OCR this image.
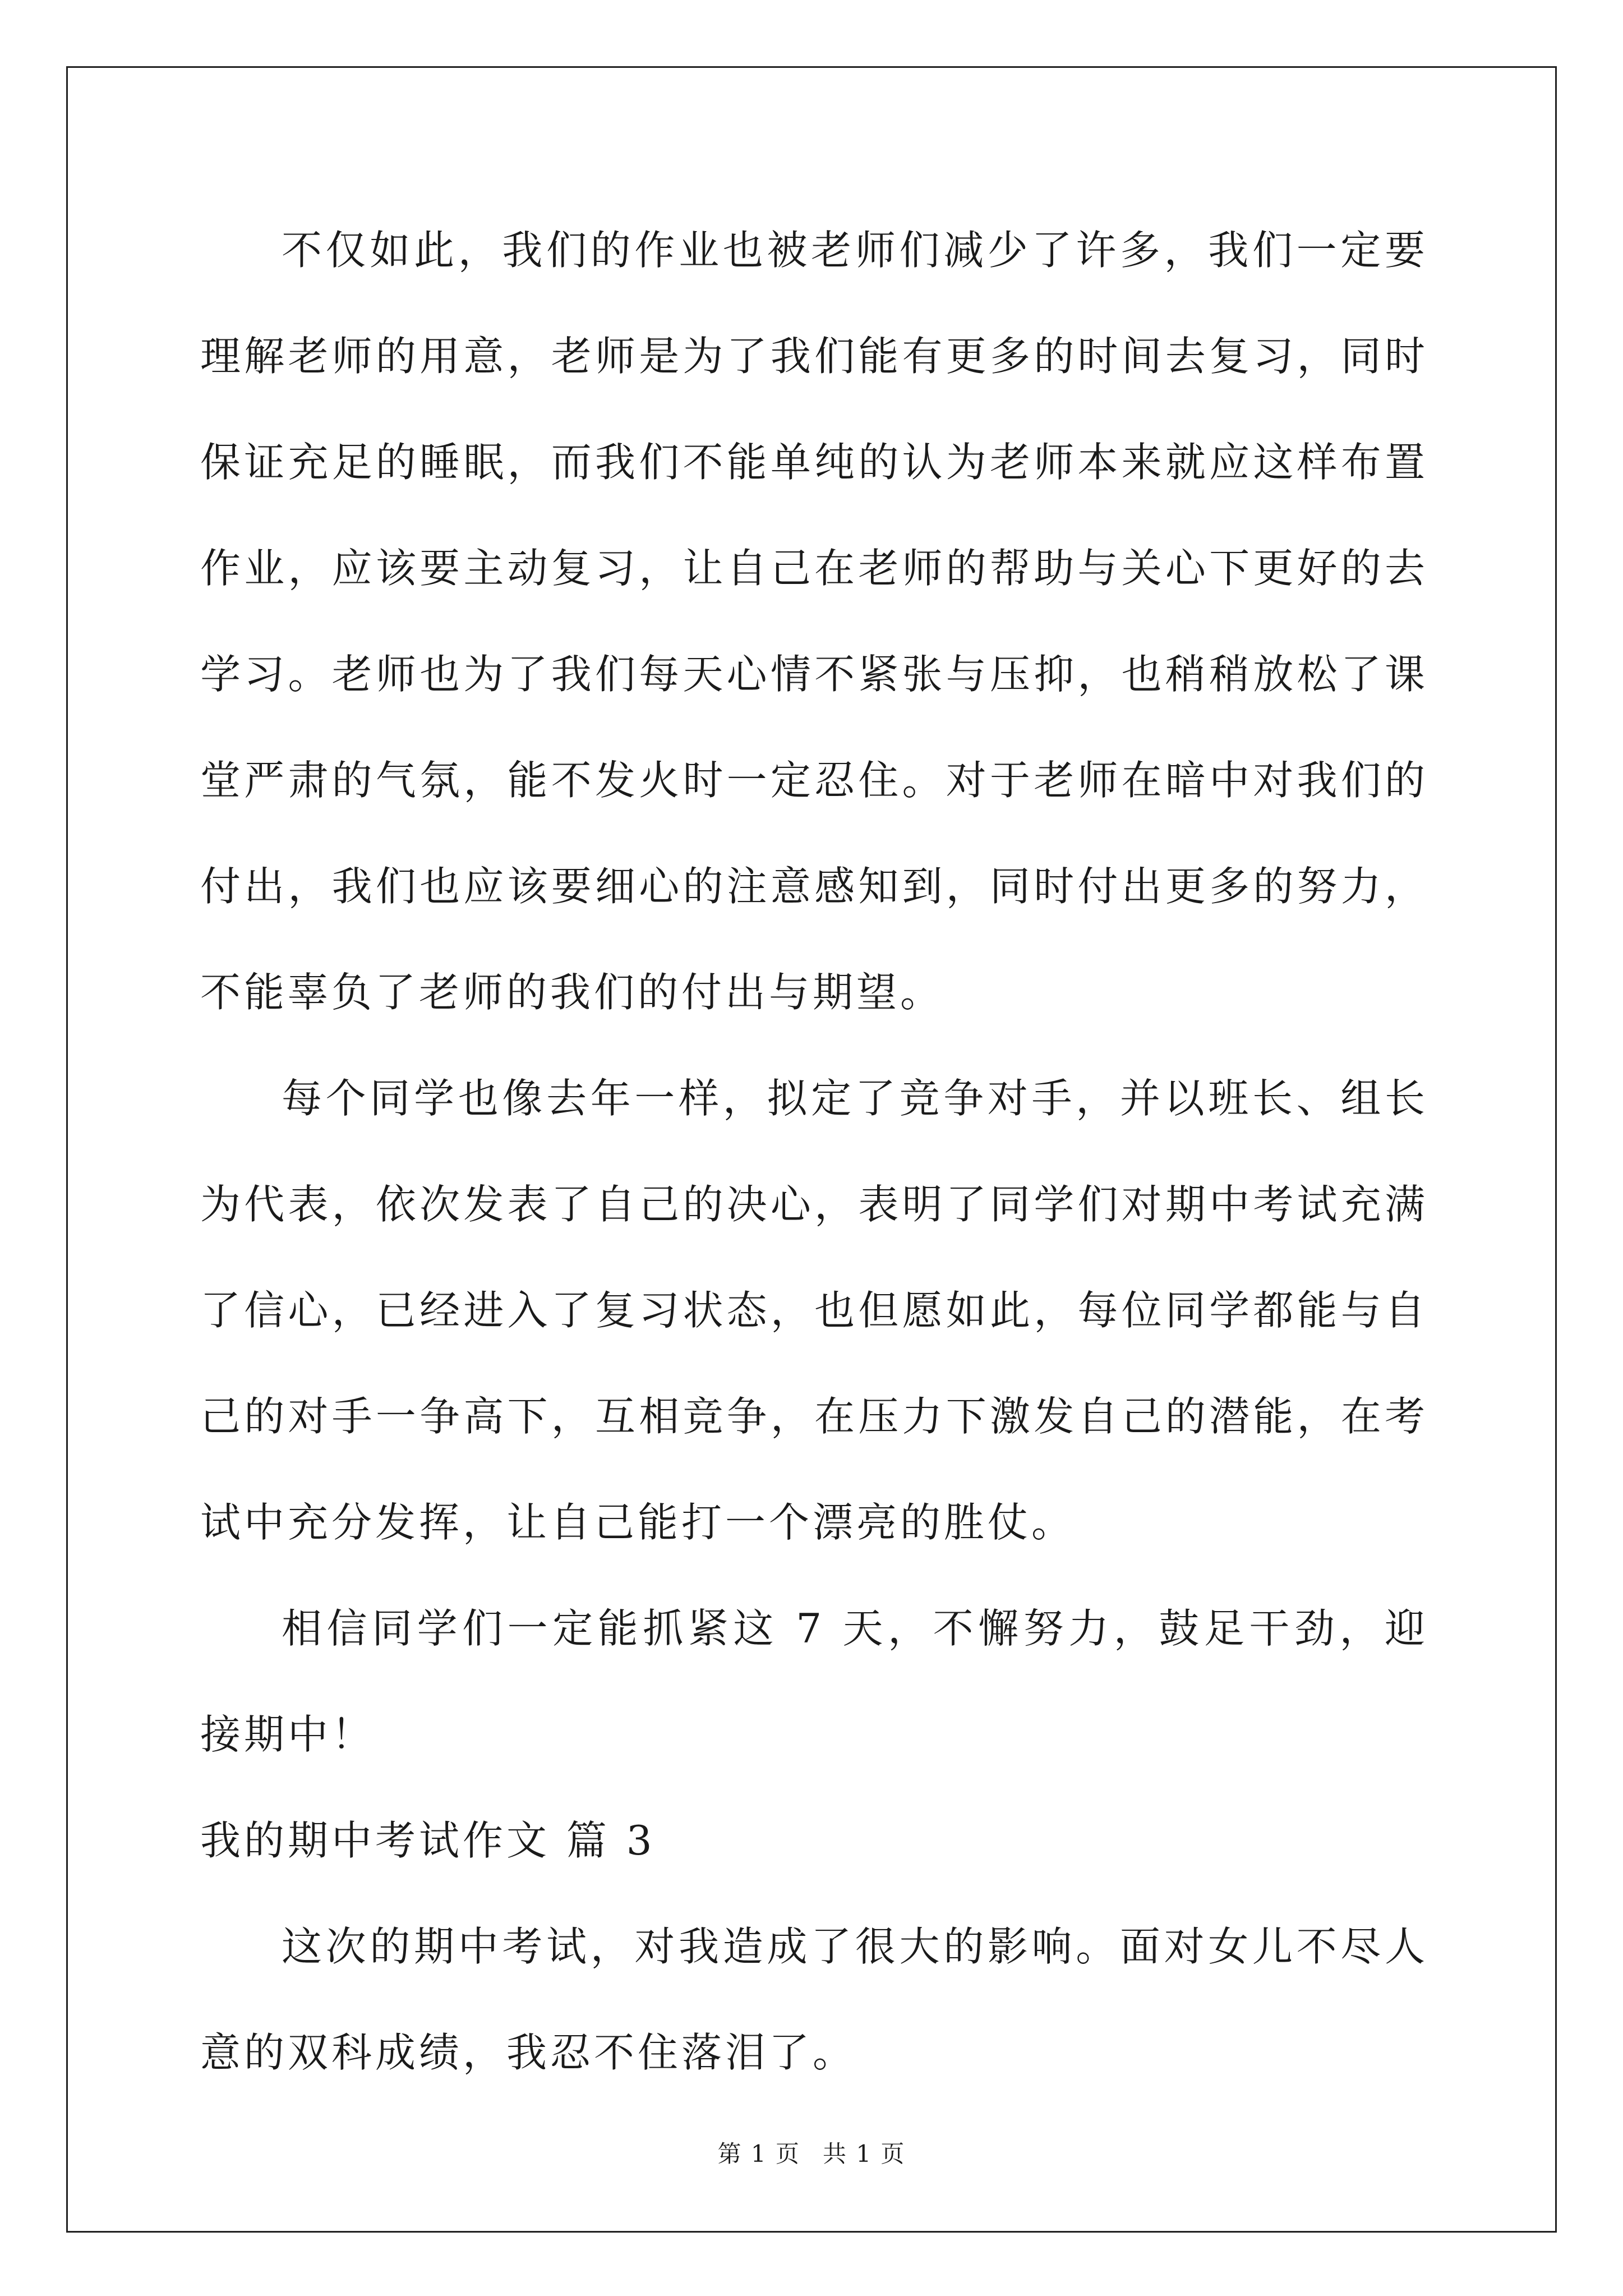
不仅如此，我们的作业也被老师们减少了许多，我们一定要理解老师的用意，老师是为了我们能有更多的时间去复习，同时保证充足的睡眠，而我们不能单纯的认为老师本来就应这样布置作业，应该要主动复习，让自己在老师的帮助与关心下更好的去学习。老师也为了我们每天心情不紧张与压抑，也稍稍放松了课堂严肃的气氛，能不发火时一定忍住。对于老师在暗中对我们的付出，我们也应该要细心的注意感知到，同时付出更多的努力，不能辜负了老师的我们的付出与期望。

每个同学也像去年一样，拟定了竞争对手，并以班长、组长为代表，依次发表了自己的决心，表明了同学们对期中考试充满了信心，已经进入了复习状态，也但愿如此，每位同学都能与自己的对手一争高下，互相竞争，在压力下激发自己的潜能，在考试中充分发挥，让自己能打一个漂亮的胜仗。

相信同学们一定能抓紧这 7 天，不懈努力，鼓足干劲，迎接期中！

我的期中考试作文 篇 3

这次的期中考试，对我造成了很大的影响。面对女儿不尽人意的双科成绩，我忍不住落泪了。

第 1 页 共 1 页
